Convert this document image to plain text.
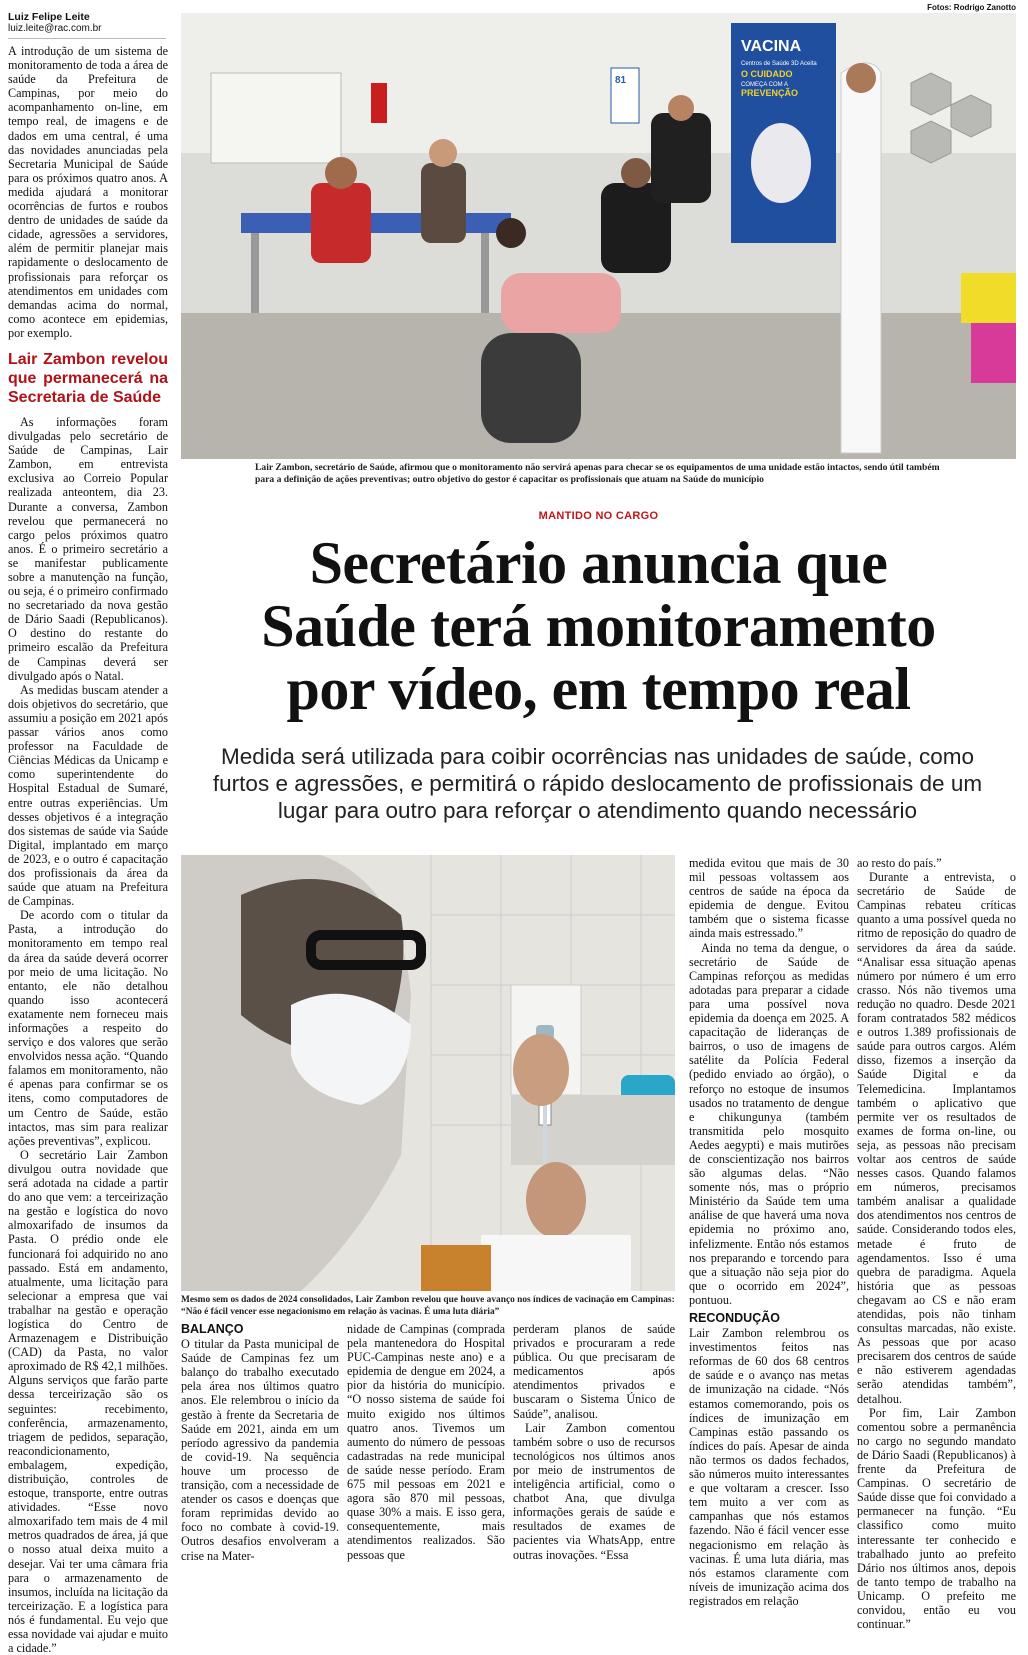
Luiz Felipe Leite
luiz.leite@rac.com.br
Fotos: Rodrigo Zanotto

A introdução de um sistema de monitoramento de toda a área de saúde da Prefeitura de Campinas, por meio do acompanhamento on-line, em tempo real, de imagens e de dados em uma central, é uma das novidades anunciadas pela Secretaria Municipal de Saúde para os próximos quatro anos. A medida ajudará a monitorar ocorrências de furtos e roubos dentro de unidades de saúde da cidade, agressões a servidores, além de permitir planejar mais rapidamente o deslocamento de profissionais para reforçar os atendimentos em unidades com demandas acima do normal, como acontece em epidemias, por exemplo.

Lair Zambon revelou que permanecerá na Secretaria de Saúde

As informações foram divulgadas pelo secretário de Saúde de Campinas, Lair Zambon, em entrevista exclusiva ao Correio Popular realizada anteontem, dia 23. Durante a conversa, Zambon revelou que permanecerá no cargo pelos próximos quatro anos. É o primeiro secretário a se manifestar publicamente sobre a manutenção na função, ou seja, é o primeiro confirmado no secretariado da nova gestão de Dário Saadi (Republicanos). O destino do restante do primeiro escalão da Prefeitura de Campinas deverá ser divulgado após o Natal.

As medidas buscam atender a dois objetivos do secretário, que assumiu a posição em 2021 após passar vários anos como professor na Faculdade de Ciências Médicas da Unicamp e como superintendente do Hospital Estadual de Sumaré, entre outras experiências. Um desses objetivos é a integração dos sistemas de saúde via Saúde Digital, implantado em março de 2023, e o outro é capacitação dos profissionais da área da saúde que atuam na Prefeitura de Campinas.

De acordo com o titular da Pasta, a introdução do monitoramento em tempo real da área da saúde deverá ocorrer por meio de uma licitação. No entanto, ele não detalhou quando isso acontecerá exatamente nem forneceu mais informações a respeito do serviço e dos valores que serão envolvidos nessa ação. “Quando falamos em monitoramento, não é apenas para confirmar se os itens, como computadores de um Centro de Saúde, estão intactos, mas sim para realizar ações preventivas”, explicou.

O secretário Lair Zambon divulgou outra novidade que será adotada na cidade a partir do ano que vem: a terceirização na gestão e logística do novo almoxarifado de insumos da Pasta. O prédio onde ele funcionará foi adquirido no ano passado. Está em andamento, atualmente, uma licitação para selecionar a empresa que vai trabalhar na gestão e operação logística do Centro de Armazenagem e Distribuição (CAD) da Pasta, no valor aproximado de R$ 42,1 milhões. Alguns serviços que farão parte dessa terceirização são os seguintes: recebimento, conferência, armazenamento, triagem de pedidos, separação, reacondicionamento, embalagem, expedição, distribuição, controles de estoque, transporte, entre outras atividades. “Esse novo almoxarifado tem mais de 4 mil metros quadrados de área, já que o nosso atual deixa muito a desejar. Vai ter uma câmara fria para o armazenamento de insumos, incluída na licitação da terceirização. E a logística para nós é fundamental. Eu vejo que essa novidade vai ajudar e muito a cidade.”

81
VACINA
Centros de Saúde 3D Aceita
O CUIDADO
COMEÇA COM A
PREVENÇÃO
Lair Zambon, secretário de Saúde, afirmou que o monitoramento não servirá apenas para checar se os equipamentos de uma unidade estão intactos, sendo útil também para a definição de ações preventivas; outro objetivo do gestor é capacitar os profissionais que atuam na Saúde do município
MANTIDO NO CARGO
Secretário anuncia que
Saúde terá monitoramento
por vídeo, em tempo real
Medida será utilizada para coibir ocorrências nas unidades de saúde, como furtos e agressões, e permitirá o rápido deslocamento de profissionais de um lugar para outro para reforçar o atendimento quando necessário
Mesmo sem os dados de 2024 consolidados, Lair Zambon revelou que houve avanço nos índices de vacinação em Campinas: “Não é fácil vencer esse negacionismo em relação às vacinas. É uma luta diária”
BALANÇO

O titular da Pasta municipal de Saúde de Campinas fez um balanço do trabalho executado pela área nos últimos quatro anos. Ele relembrou o início da gestão à frente da Secretaria de Saúde em 2021, ainda em um período agressivo da pandemia de covid-19. Na sequência houve um processo de transição, com a necessidade de atender os casos e doenças que foram reprimidas devido ao foco no combate à covid-19. Outros desafios envolveram a crise na Mater-

nidade de Campinas (comprada pela mantenedora do Hospital PUC-Campinas neste ano) e a epidemia de dengue em 2024, a pior da história do município. “O nosso sistema de saúde foi muito exigido nos últimos quatro anos. Tivemos um aumento do número de pessoas cadastradas na rede municipal de saúde nesse período. Eram 675 mil pessoas em 2021 e agora são 870 mil pessoas, quase 30% a mais. E isso gera, consequentemente, mais atendimentos realizados. São pessoas que

perderam planos de saúde privados e procuraram a rede pública. Ou que precisaram de medicamentos após atendimentos privados e buscaram o Sistema Único de Saúde”, analisou.

Lair Zambon comentou também sobre o uso de recursos tecnológicos nos últimos anos por meio de instrumentos de inteligência artificial, como o chatbot Ana, que divulga informações gerais de saúde e resultados de exames de pacientes via WhatsApp, entre outras inovações. “Essa

medida evitou que mais de 30 mil pessoas voltassem aos centros de saúde na época da epidemia de dengue. Evitou também que o sistema ficasse ainda mais estressado.”

Ainda no tema da dengue, o secretário de Saúde de Campinas reforçou as medidas adotadas para preparar a cidade para uma possível nova epidemia da doença em 2025. A capacitação de lideranças de bairros, o uso de imagens de satélite da Polícia Federal (pedido enviado ao órgão), o reforço no estoque de insumos usados no tratamento de dengue e chikungunya (também transmitida pelo mosquito Aedes aegypti) e mais mutirões de conscientização nos bairros são algumas delas. “Não somente nós, mas o próprio Ministério da Saúde tem uma análise de que haverá uma nova epidemia no próximo ano, infelizmente. Então nós estamos nos preparando e torcendo para que a situação não seja pior do que o ocorrido em 2024”, pontuou.

RECONDUÇÃO

Lair Zambon relembrou os investimentos feitos nas reformas de 60 dos 68 centros de saúde e o avanço nas metas de imunização na cidade. “Nós estamos comemorando, pois os índices de imunização em Campinas estão passando os índices do país. Apesar de ainda não termos os dados fechados, são números muito interessantes e que voltaram a crescer. Isso tem muito a ver com as campanhas que nós estamos fazendo. Não é fácil vencer esse negacionismo em relação às vacinas. É uma luta diária, mas nós estamos claramente com níveis de imunização acima dos registrados em relação

ao resto do país.”

Durante a entrevista, o secretário de Saúde de Campinas rebateu críticas quanto a uma possível queda no ritmo de reposição do quadro de servidores da área da saúde. “Analisar essa situação apenas número por número é um erro crasso. Nós não tivemos uma redução no quadro. Desde 2021 foram contratados 582 médicos e outros 1.389 profissionais de saúde para outros cargos. Além disso, fizemos a inserção da Saúde Digital e da Telemedicina. Implantamos também o aplicativo que permite ver os resultados de exames de forma on-line, ou seja, as pessoas não precisam voltar aos centros de saúde nesses casos. Quando falamos em números, precisamos também analisar a qualidade dos atendimentos nos centros de saúde. Considerando todos eles, metade é fruto de agendamentos. Isso é uma quebra de paradigma. Aquela história que as pessoas chegavam ao CS e não eram atendidas, pois não tinham consultas marcadas, não existe. As pessoas que por acaso precisarem dos centros de saúde e não estiverem agendadas serão atendidas também”, detalhou.

Por fim, Lair Zambon comentou sobre a permanência no cargo no segundo mandato de Dário Saadi (Republicanos) à frente da Prefeitura de Campinas. O secretário de Saúde disse que foi convidado a permanecer na função. “Eu classifico como muito interessante ter conhecido e trabalhado junto ao prefeito Dário nos últimos anos, depois de tanto tempo de trabalho na Unicamp. O prefeito me convidou, então eu vou continuar.”
